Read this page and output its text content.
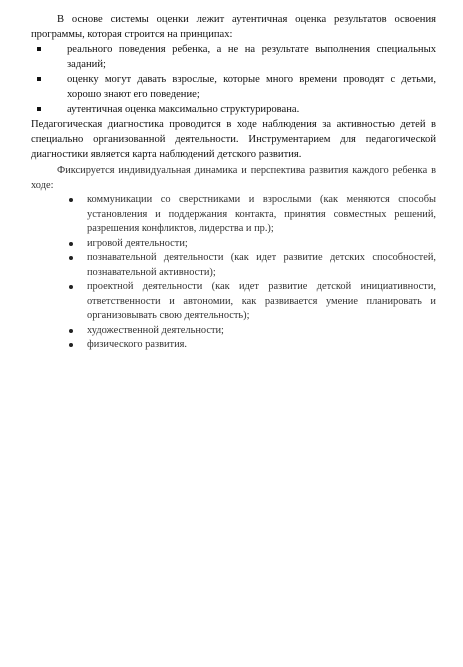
В основе системы оценки лежит аутентичная оценка результатов освоения программы, которая строится на принципах:

реального поведения ребенка, а не на результате выполнения специальных заданий;
оценку могут давать взрослые, которые много времени проводят с детьми, хорошо знают его поведение;
аутентичная оценка максимально структурирована.

Педагогическая диагностика проводится в ходе наблюдения за активностью детей в специально организованной деятельности. Инструментарием для педагогической диагностики является карта наблюдений детского развития.

Фиксируется индивидуальная динамика и перспектива развития каждого ребенка в ходе:

коммуникации со сверстниками и взрослыми (как меняются способы установления и поддержания контакта, принятия совместных решений, разрешения конфликтов, лидерства и пр.);
игровой деятельности;
познавательной деятельности (как идет развитие детских способностей, познавательной активности);
проектной деятельности (как идет развитие детской инициативности, ответственности и автономии, как развивается умение планировать и организовывать свою деятельность);
художественной деятельности;
физического развития.
